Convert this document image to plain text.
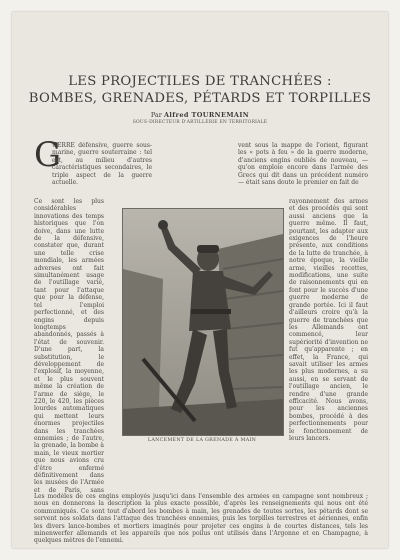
LES PROJECTILES DE TRANCHÉES :
BOMBES, GRENADES, PÉTARDS ET TORPILLES
Par Alfred TOURNEMAIN
SOUS-DIRECTEUR D'ARTILLERIE EN TERRITORIALE
G
UERRE défensive, guerre sous-marine, guerre souterraine : tel est, au milieu d'autres caractéristiques secondaires, le triple aspect de la guerre actuelle.
Ce sont les plus considérables innovations des temps historiques que l'on doive, dans une lutte de la défensive, constater que, durant une telle crise mondiale, les armées adverses ont fait simultanément usage de l'outillage varié, tant pour l'attaque que pour la défense, tel l'emploi perfectionné, et des engins depuis longtemps abandonnés, passés à l'état de souvenir. D'une part, la substitution, le développement de l'explosif, la moyenne, et le plus souvent même la création de l'arme de siège, le 220, le 420, les pièces lourdes automatiques qui mettent leurs énormes projectiles dans les tranchées ennemies ; de l'autre, la grenade, la bombe à main, le vieux mortier que nous avions cru d'être enfermé définitivement dans les musées de l'Armée et de Paris, sans
vent sous la mappe de l'orient, figurant les « pots à feu » de la guerre moderne, d'anciens engins oubliés de nouveau, — qu'on emploie encore dans l'armée des Grecs qui dit dans un précédent numéro — était sans doute le premier en fait de
rayonnement des armes et des procédés qui sont aussi anciens que la guerre même. Il faut, pourtant, les adapter aux exigences de l'heure présente, aux conditions de la lutte de tranchée, à notre époque, la vieille arme, vieilles recettes, modifications, une suite de raisonnements qui en font pour le succès d'une guerre moderne de grande portée. Ici il faut d'ailleurs croire qu'à la guerre de tranchées que les Allemands ont commencé, leur supériorité d'invention ne fut qu'apparente ; en effet, la France, qui savait utiliser les armes les plus modernes, a su aussi, en se servant de l'outillage ancien, le rendre d'une grande efficacité. Nous avons, pour les anciennes bombes, procédé à des perfectionnements pour le fonctionnement de leurs lancers.
Les modèles de ces engins employés jusqu'ici dans l'ensemble des armées en campagne sont nombreux ; nous en donnerons la description la plus exacte possible, d'après les renseignements qui nous ont été communiqués. Ce sont tout d'abord les bombes à main, les grenades de toutes sortes, les pétards dont se servent nos soldats dans l'attaque des tranchées ennemies, puis les torpilles terrestres et aériennes, enfin les divers lance-bombes et mortiers imaginés pour projeter ces engins à de courtes distances, tels les minenwerfer allemands et les appareils que nos poilus ont utilisés dans l'Argonne et en Champagne, à quelques mètres de l'ennemi.
LANCEMENT DE LA GRENADE À MAIN
